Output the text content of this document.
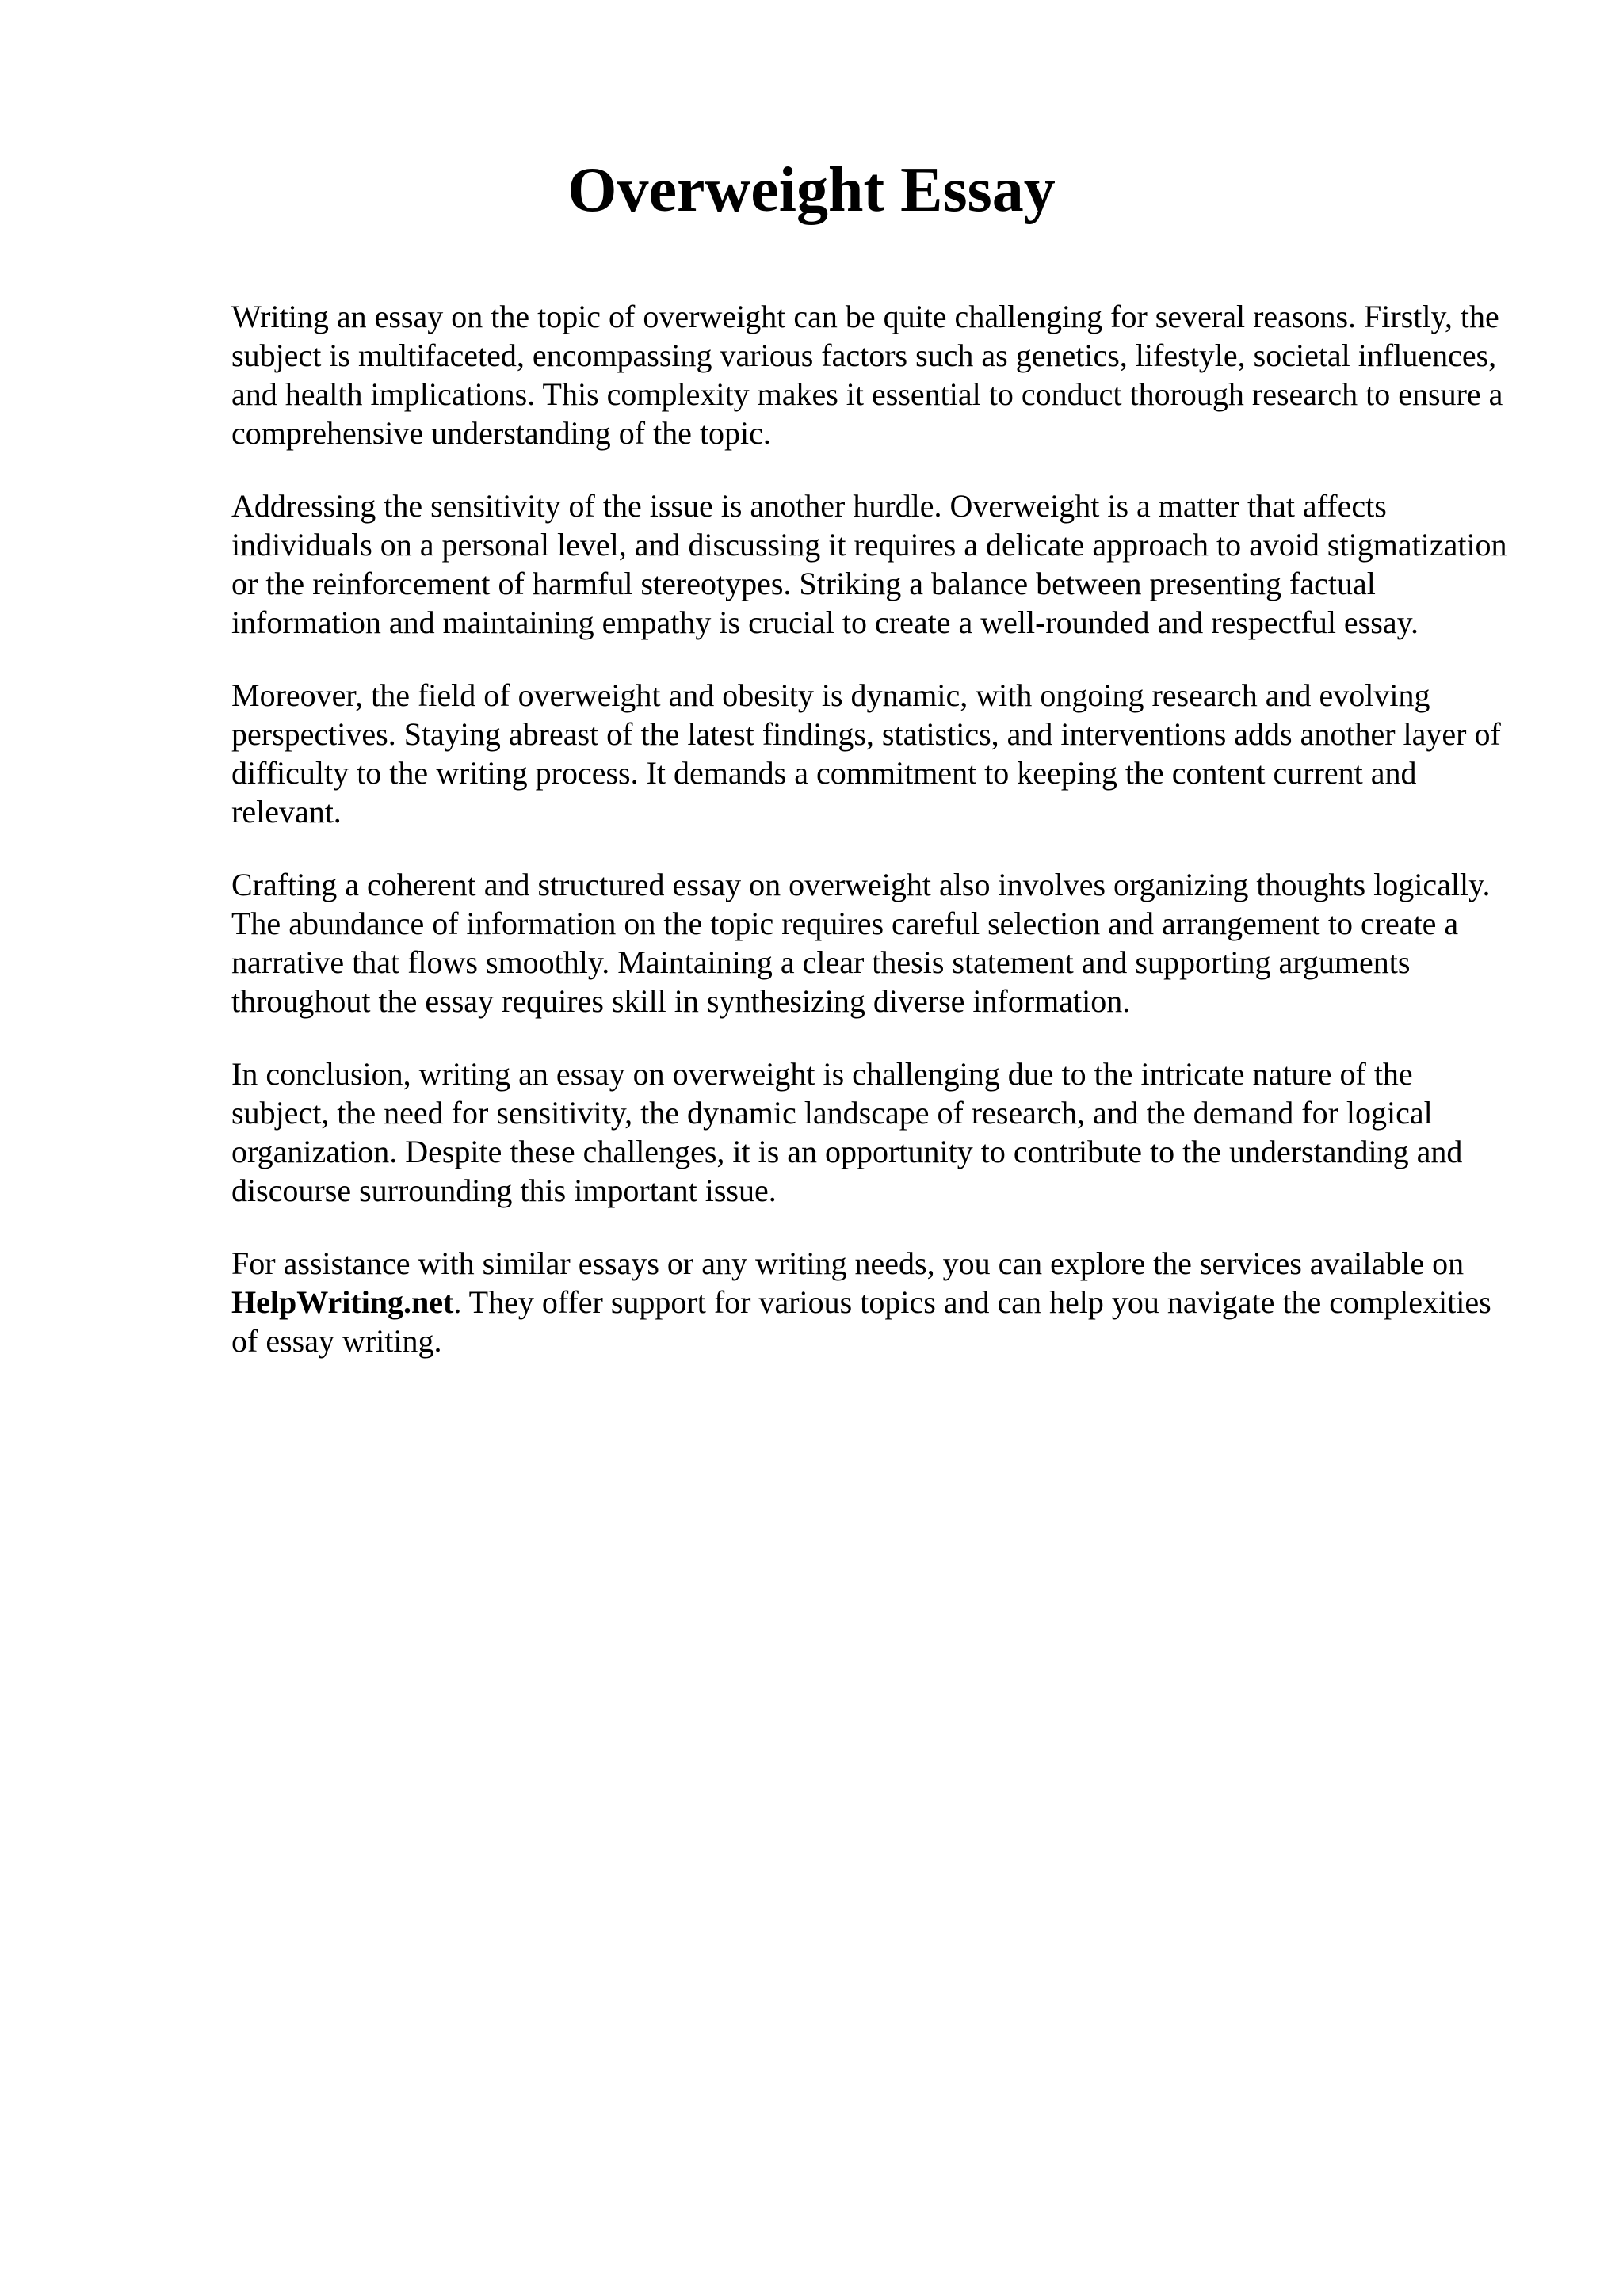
Overweight Essay

Writing an essay on the topic of overweight can be quite challenging for several reasons. Firstly, the subject is multifaceted, encompassing various factors such as genetics, lifestyle, societal influences, and health implications. This complexity makes it essential to conduct thorough research to ensure a comprehensive understanding of the topic.

Addressing the sensitivity of the issue is another hurdle. Overweight is a matter that affects individuals on a personal level, and discussing it requires a delicate approach to avoid stigmatization or the reinforcement of harmful stereotypes. Striking a balance between presenting factual information and maintaining empathy is crucial to create a well-rounded and respectful essay.

Moreover, the field of overweight and obesity is dynamic, with ongoing research and evolving perspectives. Staying abreast of the latest findings, statistics, and interventions adds another layer of difficulty to the writing process. It demands a commitment to keeping the content current and relevant.

Crafting a coherent and structured essay on overweight also involves organizing thoughts logically. The abundance of information on the topic requires careful selection and arrangement to create a narrative that flows smoothly. Maintaining a clear thesis statement and supporting arguments throughout the essay requires skill in synthesizing diverse information.

In conclusion, writing an essay on overweight is challenging due to the intricate nature of the subject, the need for sensitivity, the dynamic landscape of research, and the demand for logical organization. Despite these challenges, it is an opportunity to contribute to the understanding and discourse surrounding this important issue.

For assistance with similar essays or any writing needs, you can explore the services available on HelpWriting.net. They offer support for various topics and can help you navigate the complexities of essay writing.
